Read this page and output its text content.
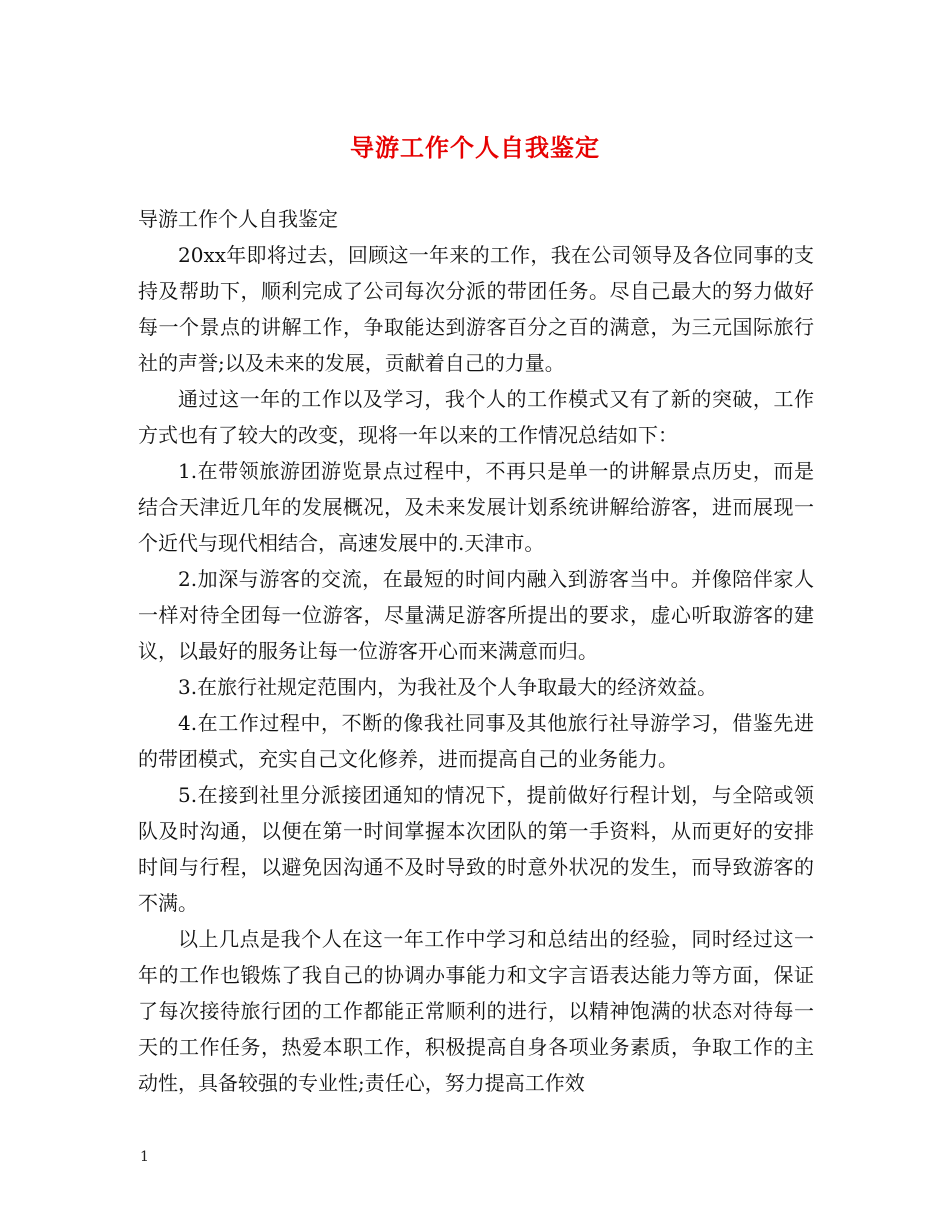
导游工作个人自我鉴定

导游工作个人自我鉴定

20xx年即将过去，回顾这一年来的工作，我在公司领导及各位同事的支持及帮助下，顺利完成了公司每次分派的带团任务。尽自己最大的努力做好每一个景点的讲解工作，争取能达到游客百分之百的满意，为三元国际旅行社的声誉;以及未来的发展，贡献着自己的力量。

通过这一年的工作以及学习，我个人的工作模式又有了新的突破，工作方式也有了较大的改变，现将一年以来的工作情况总结如下：

1.在带领旅游团游览景点过程中，不再只是单一的讲解景点历史，而是结合天津近几年的发展概况，及未来发展计划系统讲解给游客，进而展现一个近代与现代相结合，高速发展中的.天津市。

2.加深与游客的交流，在最短的时间内融入到游客当中。并像陪伴家人一样对待全团每一位游客，尽量满足游客所提出的要求，虚心听取游客的建议，以最好的服务让每一位游客开心而来满意而归。

3.在旅行社规定范围内，为我社及个人争取最大的经济效益。

4.在工作过程中，不断的像我社同事及其他旅行社导游学习，借鉴先进的带团模式，充实自己文化修养，进而提高自己的业务能力。

5.在接到社里分派接团通知的情况下，提前做好行程计划，与全陪或领队及时沟通，以便在第一时间掌握本次团队的第一手资料，从而更好的安排时间与行程，以避免因沟通不及时导致的时意外状况的发生，而导致游客的不满。

以上几点是我个人在这一年工作中学习和总结出的经验，同时经过这一年的工作也锻炼了我自己的协调办事能力和文字言语表达能力等方面，保证了每次接待旅行团的工作都能正常顺利的进行，以精神饱满的状态对待每一天的工作任务，热爱本职工作，积极提高自身各项业务素质，争取工作的主动性，具备较强的专业性;责任心，努力提高工作效

1
